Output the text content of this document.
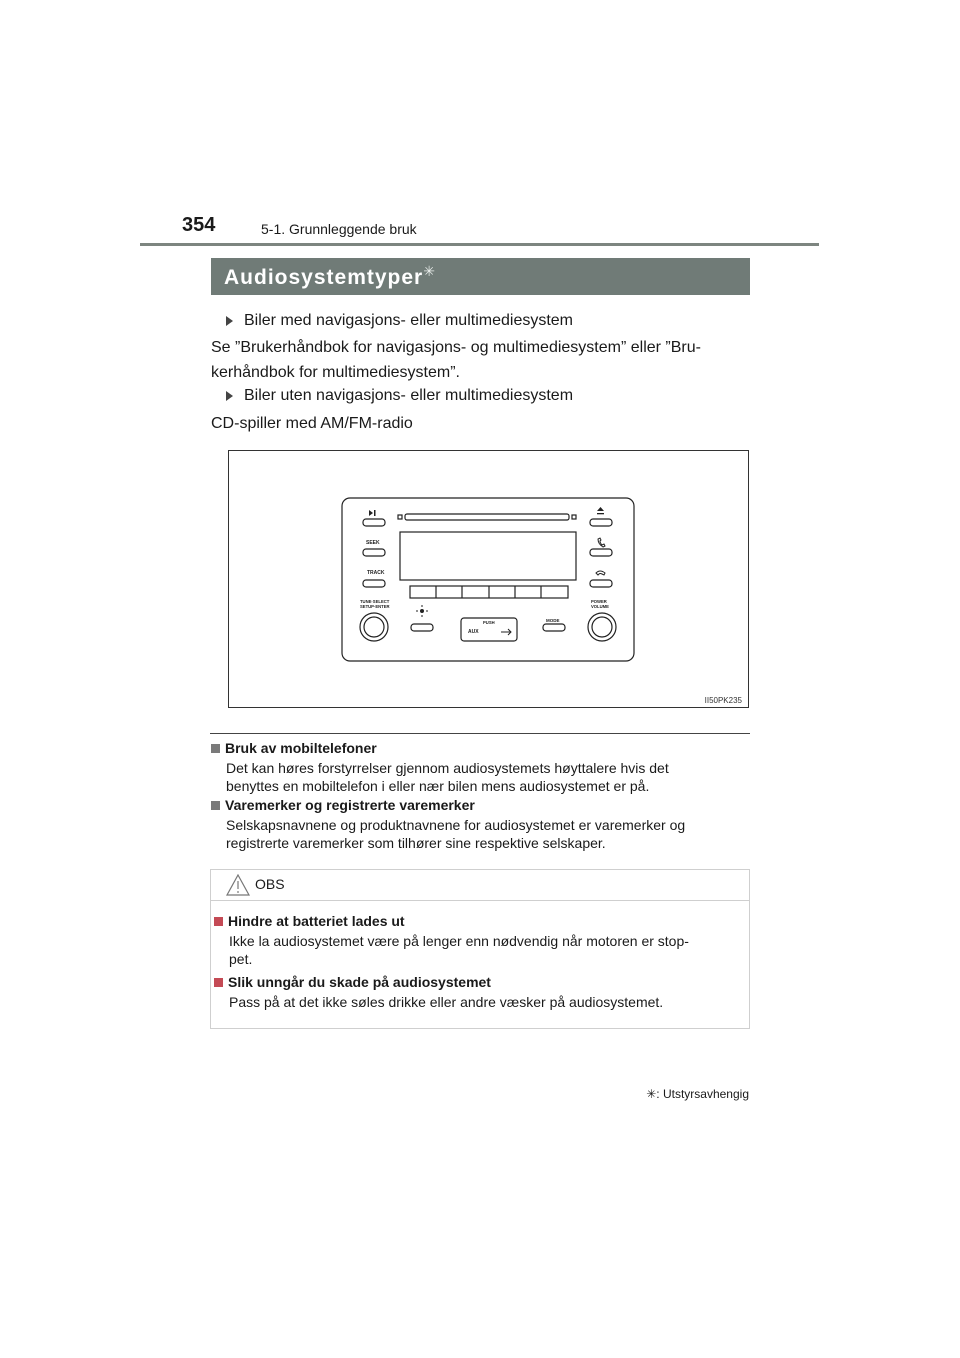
354	5-1. Grunnleggende bruk
Audiosystemtyper✳
Biler med navigasjons- eller multimediesystem
Se ”Brukerhåndbok for navigasjons- og multimediesystem” eller ”Bru-
kerhåndbok for multimediesystem”.
Biler uten navigasjons- eller multimediesystem
CD-spiller med AM/FM-radio
SEEK
TRACK
TUNE·SELECT
SETUP·ENTER
POWER
VOLUME
PUSH
AUX
MODE
II50PK235
Bruk av mobiltelefoner
Det kan høres forstyrrelser gjennom audiosystemets høyttalere hvis det
benyttes en mobiltelefon i eller nær bilen mens audiosystemet er på.
Varemerker og registrerte varemerker
Selskapsnavnene og produktnavnene for audiosystemet er varemerker og
registrerte varemerker som tilhører sine respektive selskaper.
OBS
Hindre at batteriet lades ut
Ikke la audiosystemet være på lenger enn nødvendig når motoren er stop-
pet.
Slik unngår du skade på audiosystemet
Pass på at det ikke søles drikke eller andre væsker på audiosystemet.
✳: Utstyrsavhengig
